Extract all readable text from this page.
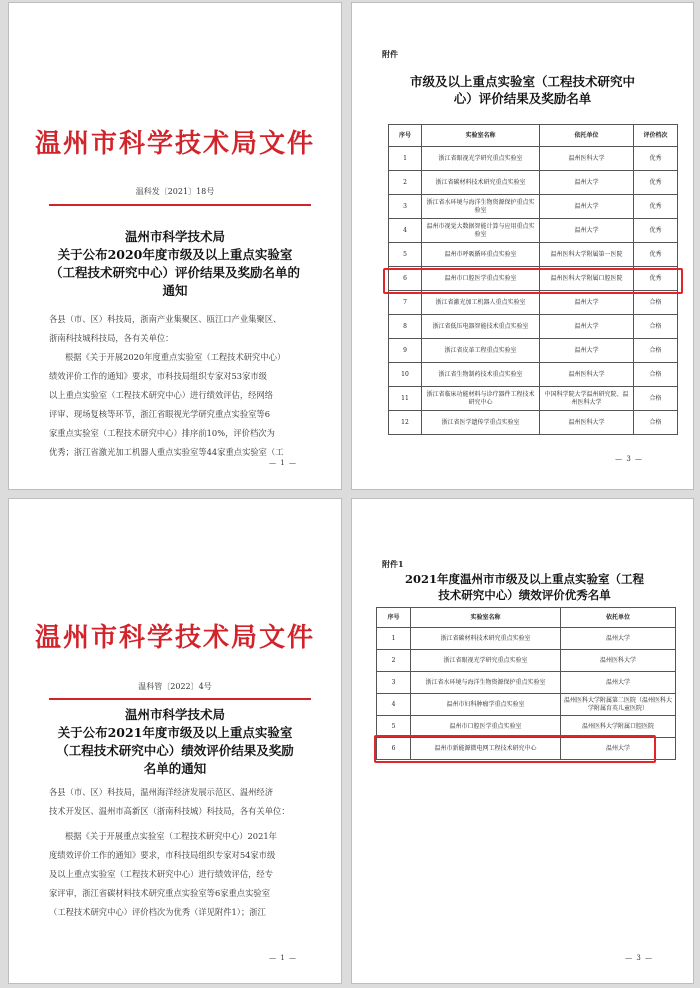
温州市科学技术局文件
温科发〔2021〕18号
温州市科学技术局
关于公布2020年度市级及以上重点实验室
（工程技术研究中心）评价结果及奖励名单的
通知

各县（市、区）科技局，浙南产业集聚区、瓯江口产业集聚区、

浙南科技城科技局，各有关单位：

根据《关于开展2020年度重点实验室（工程技术研究中心）

绩效评价工作的通知》要求，市科技局组织专家对53家市级

以上重点实验室（工程技术研究中心）进行绩效评估，经网络

评审、现场复核等环节，浙江省眼视光学研究重点实验室等6

家重点实验室（工程技术研究中心）排序前10%，评价档次为

优秀；浙江省激光加工机器人重点实验室等44家重点实验室（工

— 1 —
附件
市级及以上重点实验室（工程技术研究中
心）评价结果及奖励名单
序号	实验室名称	依托单位	评价档次
1	浙江省眼视光学研究重点实验室	温州医科大学	优秀
2	浙江省碳材料技术研究重点实验室	温州大学	优秀
3	浙江省水环境与海洋生物资源保护重点实验室	温州大学	优秀
4	温州市视觉大数据智能计算与应用重点实验室	温州大学	优秀
5	温州市呼吸循环重点实验室	温州医科大学附属第一医院	优秀
6	温州市口腔医学重点实验室	温州医科大学附属口腔医院	优秀
7	浙江省激光加工机器人重点实验室	温州大学	合格
8	浙江省低压电器智能技术重点实验室	温州大学	合格
9	浙江省皮革工程重点实验室	温州大学	合格
10	浙江省生物制药技术重点实验室	温州医科大学	合格
11	浙江省临床功能材料与诊疗器件工程技术研究中心	中国科学院大学温州研究院、温州医科大学	合格
12	浙江省医学遗传学重点实验室	温州医科大学	合格
— 3 —
温州市科学技术局文件
温科管〔2022〕4号
温州市科学技术局
关于公布2021年度市级及以上重点实验室
（工程技术研究中心）绩效评价结果及奖励
名单的通知

各县（市、区）科技局，温州海洋经济发展示范区、温州经济

技术开发区、温州市高新区（浙南科技城）科技局，各有关单位：

根据《关于开展重点实验室（工程技术研究中心）2021年

度绩效评价工作的通知》要求，市科技局组织专家对54家市级

及以上重点实验室（工程技术研究中心）进行绩效评估，经专

家评审，浙江省碳材料技术研究重点实验室等6家重点实验室

（工程技术研究中心）评价档次为优秀（详见附件1）；浙江

— 1 —
附件1
2021年度温州市市级及以上重点实验室（工程
技术研究中心）绩效评价优秀名单
序号	实验室名称	依托单位
1	浙江省碳材料技术研究重点实验室	温州大学
2	浙江省眼视光学研究重点实验室	温州医科大学
3	浙江省水环境与海洋生物资源保护重点实验室	温州大学
4	温州市妇科肿瘤学重点实验室	温州医科大学附属第二医院（温州医科大学附属育英儿童医院）
5	温州市口腔医学重点实验室	温州医科大学附属口腔医院
6	温州市新能源微电网工程技术研究中心	温州大学
— 3 —
